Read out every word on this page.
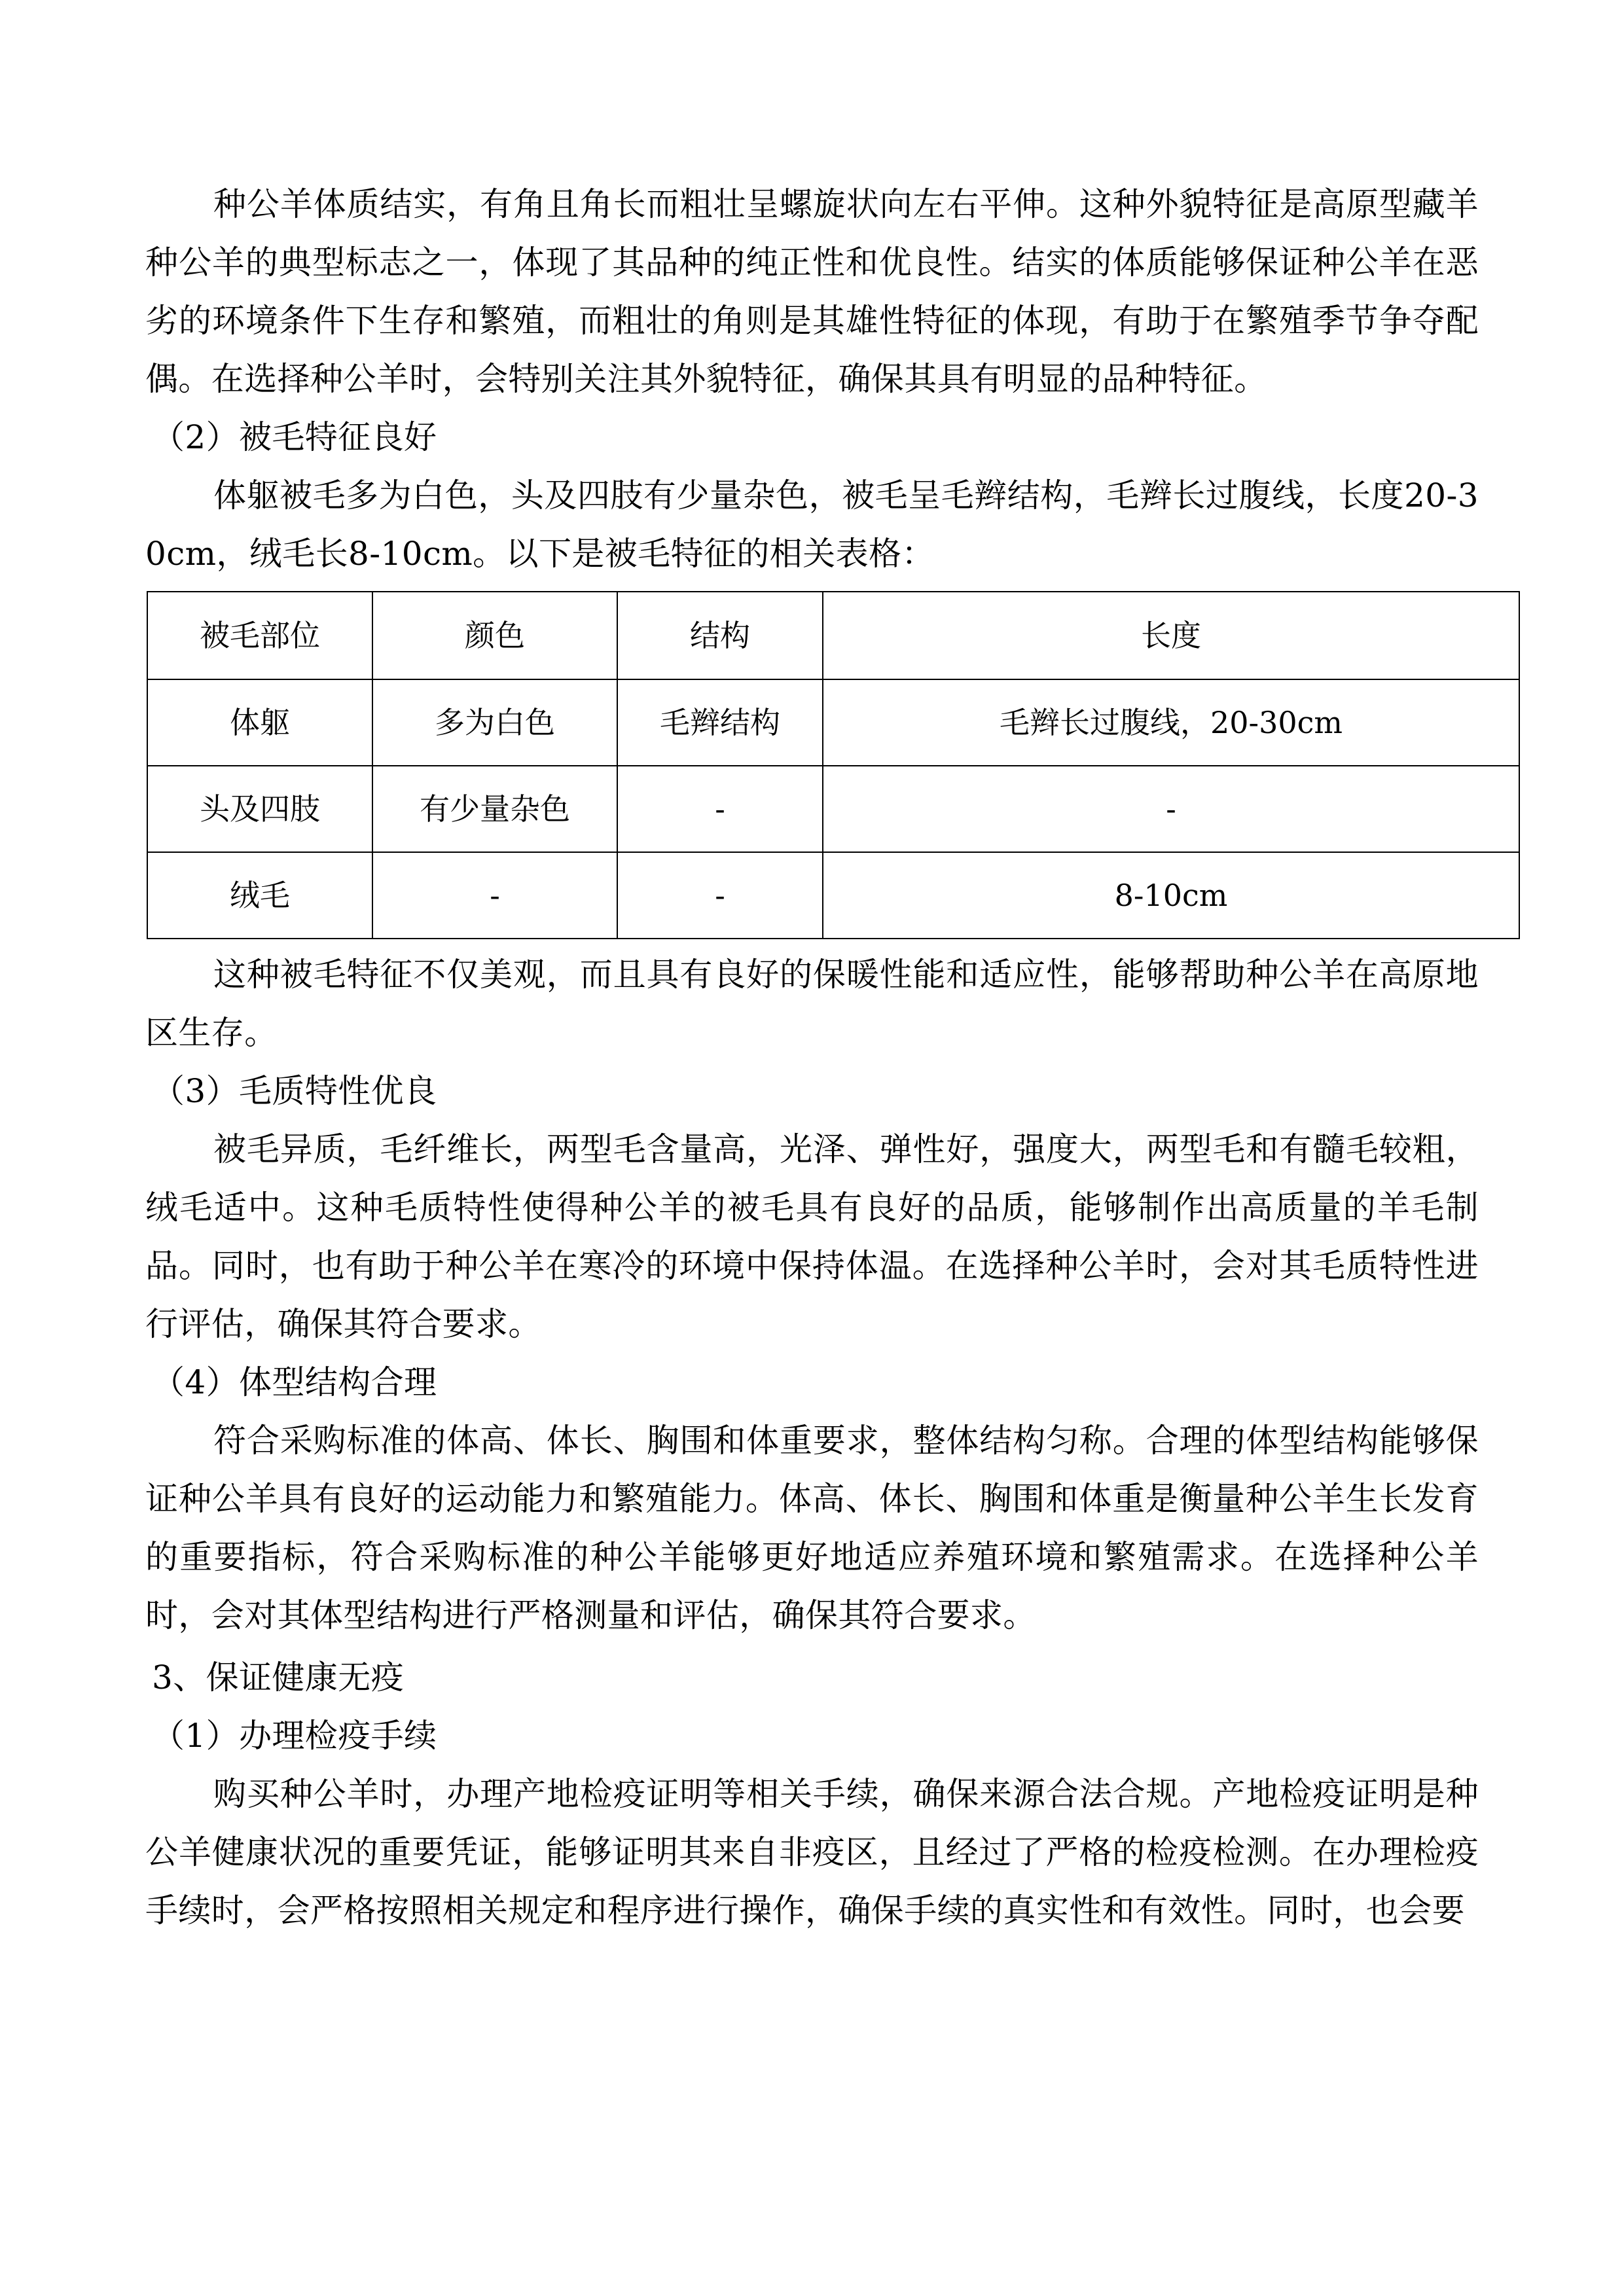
种公羊体质结实，有角且角长而粗壮呈螺旋状向左右平伸。这种外貌特征是高原型藏羊种公羊的典型标志之一，体现了其品种的纯正性和优良性。结实的体质能够保证种公羊在恶劣的环境条件下生存和繁殖，而粗壮的角则是其雄性特征的体现，有助于在繁殖季节争夺配偶。在选择种公羊时，会特别关注其外貌特征，确保其具有明显的品种特征。

（2）被毛特征良好

体躯被毛多为白色，头及四肢有少量杂色，被毛呈毛辫结构，毛辫长过腹线，长度20-30cm，绒毛长8-10cm。以下是被毛特征的相关表格：

被毛部位	颜色	结构	长度
体躯	多为白色	毛辫结构	毛辫长过腹线，20-30cm
头及四肢	有少量杂色	-	-
绒毛	-	-	8-10cm

这种被毛特征不仅美观，而且具有良好的保暖性能和适应性，能够帮助种公羊在高原地区生存。

（3）毛质特性优良

被毛异质，毛纤维长，两型毛含量高，光泽、弹性好，强度大，两型毛和有髓毛较粗，绒毛适中。这种毛质特性使得种公羊的被毛具有良好的品质，能够制作出高质量的羊毛制品。同时，也有助于种公羊在寒冷的环境中保持体温。在选择种公羊时，会对其毛质特性进行评估，确保其符合要求。

（4）体型结构合理

符合采购标准的体高、体长、胸围和体重要求，整体结构匀称。合理的体型结构能够保证种公羊具有良好的运动能力和繁殖能力。体高、体长、胸围和体重是衡量种公羊生长发育的重要指标，符合采购标准的种公羊能够更好地适应养殖环境和繁殖需求。在选择种公羊时，会对其体型结构进行严格测量和评估，确保其符合要求。

3、保证健康无疫

（1）办理检疫手续

购买种公羊时，办理产地检疫证明等相关手续，确保来源合法合规。产地检疫证明是种公羊健康状况的重要凭证，能够证明其来自非疫区，且经过了严格的检疫检测。在办理检疫手续时，会严格按照相关规定和程序进行操作，确保手续的真实性和有效性。同时，也会要
